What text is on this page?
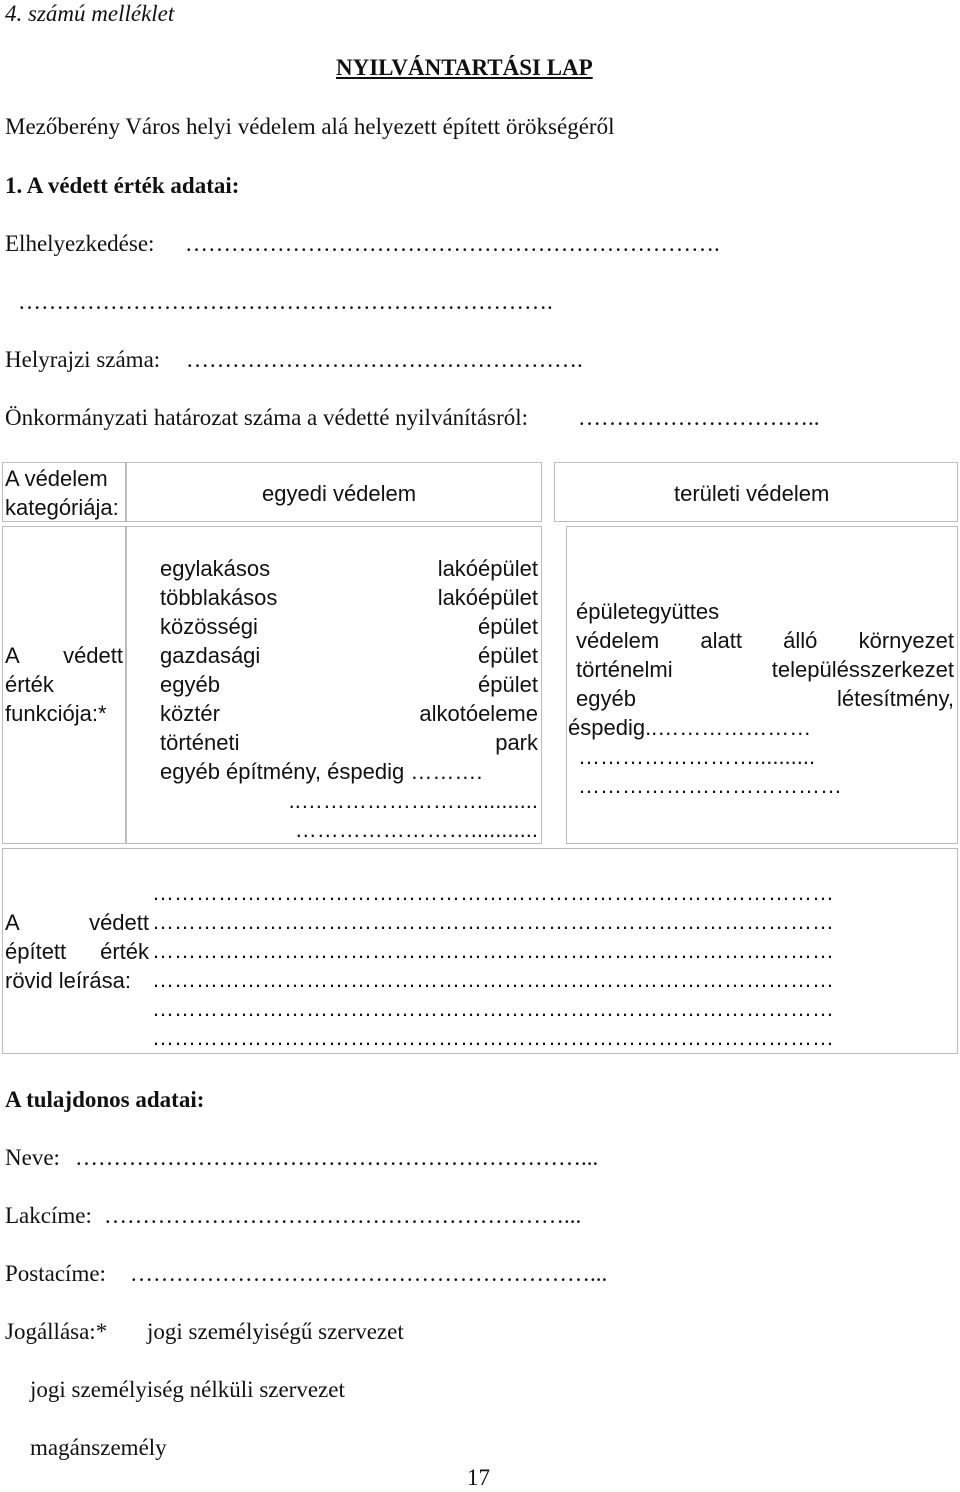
4. számú melléklet
NYILVÁNTARTÁSI LAP
Mezőberény Város helyi védelem alá helyezett épített örökségéről
1. A védett érték adatai:
Elhelyezkedése: …………………………………………………………….
…………………………………………………………….
Helyrajzi száma: …………………………………………….
Önkormányzati határozat száma a védetté nyilvánításról: …………………………..
A védelem
kategóriája:
egyedi védelem	területi védelem
A védett
érték
funkciója:*
egylakásos	lakóépület
többlakásos	lakóépület
közösségi	épület
gazdasági	épület
egyéb	épület
köztér	alkotóeleme
történeti	park
egyéb építmény, éspedig ……….
..……………………..........
……………………...........
épületegyüttes
védelem alatt álló környezet
történelmi	településszerkezet
egyéb	létesítmény,
éspedig..…………………
……………………..........
………………………………
A	védett
épített érték
rövid leírása:
…………………………………………………………………………………
…………………………………………………………………………………
…………………………………………………………………………………
…………………………………………………………………………………
…………………………………………………………………………………
…………………………………………………………………………………
A tulajdonos adatai:
Neve: …………………………………………………………...
Lakcíme: ……………………………………………………...
Postacíme: ……………………………………………………...
Jogállása:* jogi személyiségű szervezet
jogi személyiség nélküli szervezet
magánszemély
17
